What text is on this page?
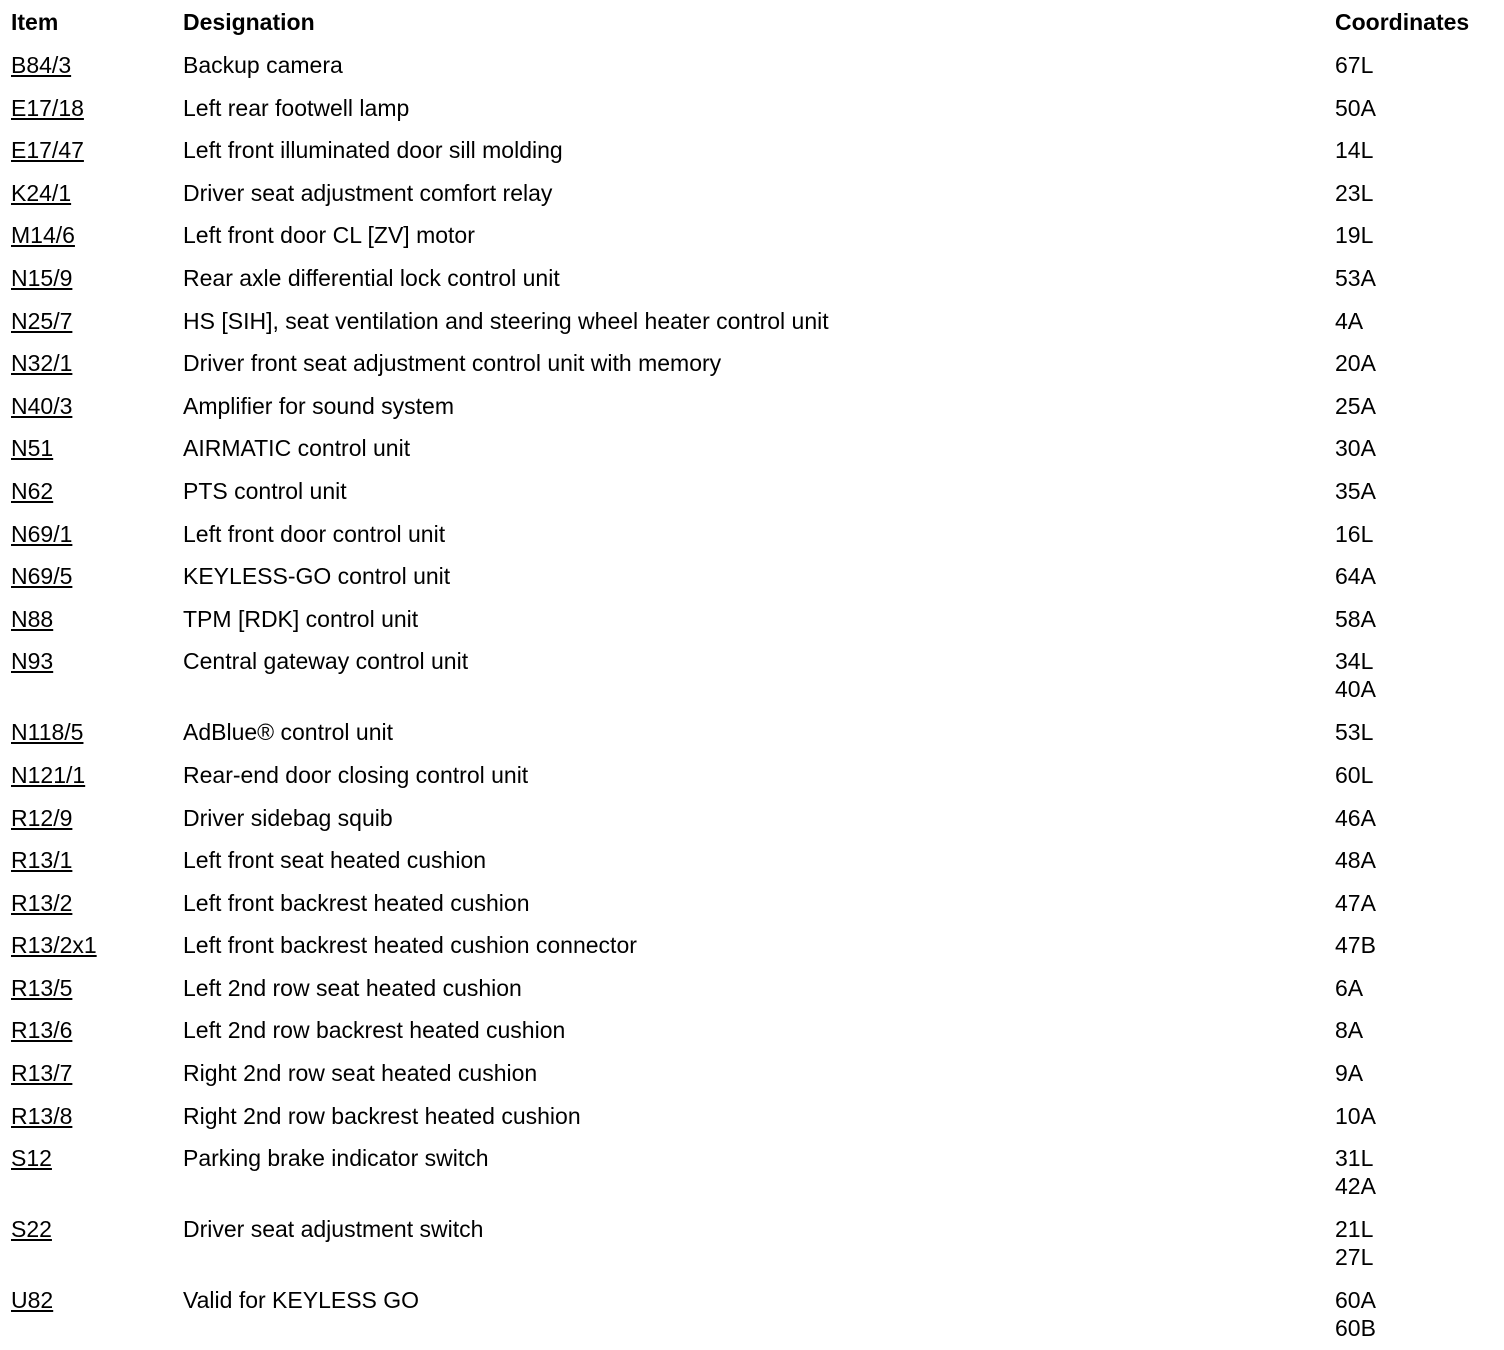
Item	Designation	Coordinates
B84/3	Backup camera	67L
E17/18	Left rear footwell lamp	50A
E17/47	Left front illuminated door sill molding	14L
K24/1	Driver seat adjustment comfort relay	23L
M14/6	Left front door CL [ZV] motor	19L
N15/9	Rear axle differential lock control unit	53A
N25/7	HS [SIH], seat ventilation and steering wheel heater control unit	4A
N32/1	Driver front seat adjustment control unit with memory	20A
N40/3	Amplifier for sound system	25A
N51	AIRMATIC control unit	30A
N62	PTS control unit	35A
N69/1	Left front door control unit	16L
N69/5	KEYLESS-GO control unit	64A
N88	TPM [RDK] control unit	58A
N93	Central gateway control unit	34L
40A
N118/5	AdBlue® control unit	53L
N121/1	Rear-end door closing control unit	60L
R12/9	Driver sidebag squib	46A
R13/1	Left front seat heated cushion	48A
R13/2	Left front backrest heated cushion	47A
R13/2x1	Left front backrest heated cushion connector	47B
R13/5	Left 2nd row seat heated cushion	6A
R13/6	Left 2nd row backrest heated cushion	8A
R13/7	Right 2nd row seat heated cushion	9A
R13/8	Right 2nd row backrest heated cushion	10A
S12	Parking brake indicator switch	31L
42A
S22	Driver seat adjustment switch	21L
27L
U82	Valid for KEYLESS GO	60A
60B
